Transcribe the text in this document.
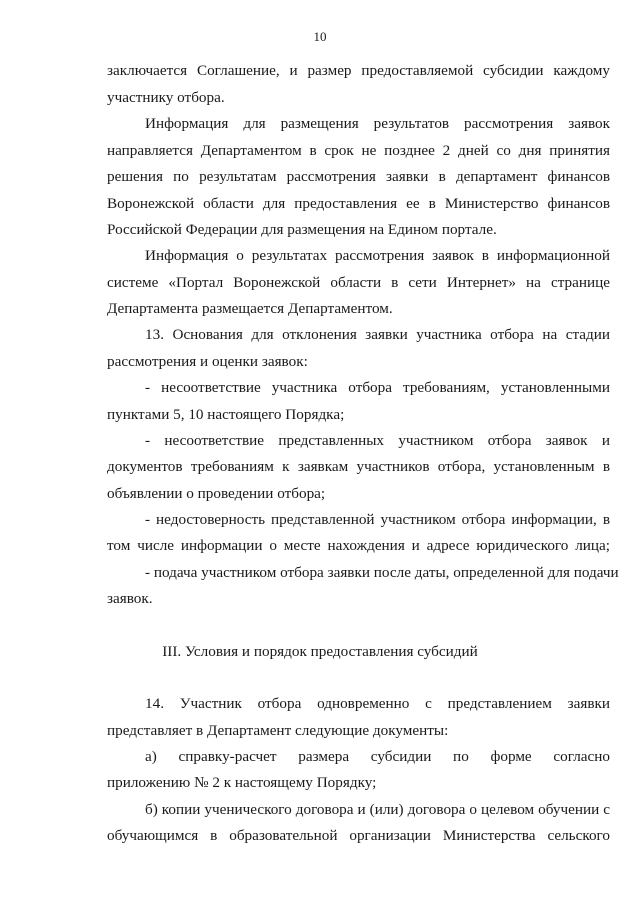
10
заключается Соглашение, и размер предоставляемой субсидии каждому
участнику отбора.
Информация для размещения результатов рассмотрения заявок
направляется Департаментом в срок не позднее 2 дней со дня принятия
решения по результатам рассмотрения заявки в департамент финансов
Воронежской области для предоставления ее в Министерство финансов
Российской Федерации для размещения на Едином портале.
Информация о результатах рассмотрения заявок в информационной
системе «Портал Воронежской области в сети Интернет» на странице
Департамента размещается Департаментом.
13. Основания для отклонения заявки участника отбора на стадии
рассмотрения и оценки заявок:
- несоответствие участника отбора требованиям, установленными
пунктами 5, 10 настоящего Порядка;
- несоответствие представленных участником отбора заявок и
документов требованиям к заявкам участников отбора, установленным в
объявлении о проведении отбора;
- недостоверность представленной участником отбора информации, в
том числе информации о месте нахождения и адресе юридического лица;
- подача участником отбора заявки после даты, определенной для подачи
заявок.
III. Условия и порядок предоставления субсидий
14. Участник отбора одновременно с представлением заявки
представляет в Департамент следующие документы:
а) справку-расчет размера субсидии по форме согласно
приложению № 2 к настоящему Порядку;
б) копии ученического договора и (или) договора о целевом обучении с
обучающимся в образовательной организации Министерства сельского
